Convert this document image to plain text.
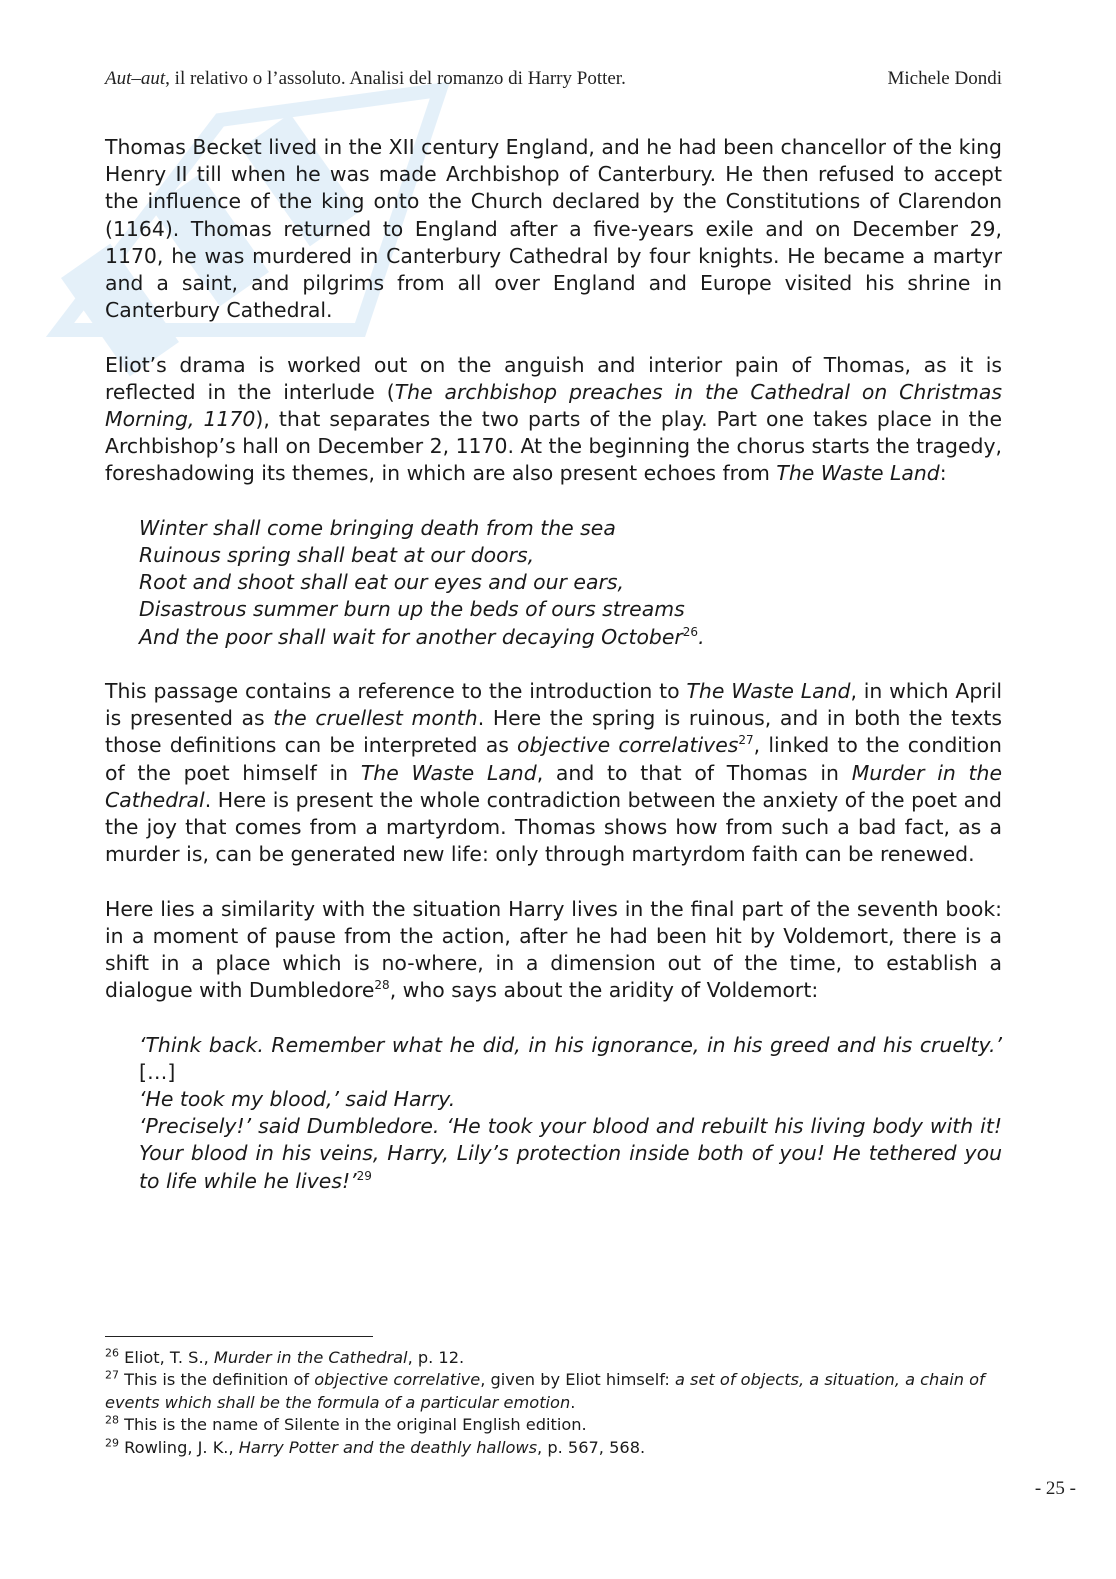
Aut–aut, il relativo o l’assoluto. Analisi del romanzo di Harry Potter.	Michele Dondi

Thomas Becket lived in the XII century England, and he had been chancellor of the king Henry II till when he was made Archbishop of Canterbury. He then refused to accept the influence of the king onto the Church declared by the Constitutions of Clarendon (1164). Thomas returned to England after a five-years exile and on December 29, 1170, he was murdered in Canterbury Cathedral by four knights. He became a martyr and a saint, and pilgrims from all over England and Europe visited his shrine in Canterbury Cathedral.

Eliot’s drama is worked out on the anguish and interior pain of Thomas, as it is reflected in the interlude (The archbishop preaches in the Cathedral on Christmas Morning, 1170), that separates the two parts of the play. Part one takes place in the Archbishop’s hall on December 2, 1170. At the beginning the chorus starts the tragedy, foreshadowing its themes, in which are also present echoes from The Waste Land:

Winter shall come bringing death from the sea
Ruinous spring shall beat at our doors,
Root and shoot shall eat our eyes and our ears,
Disastrous summer burn up the beds of ours streams
And the poor shall wait for another decaying October$^{26}$.

This passage contains a reference to the introduction to The Waste Land, in which April is presented as the cruellest month. Here the spring is ruinous, and in both the texts those definitions can be interpreted as objective correlatives$^{27}$, linked to the condition of the poet himself in The Waste Land, and to that of Thomas in Murder in the Cathedral. Here is present the whole contradiction between the anxiety of the poet and the joy that comes from a martyrdom. Thomas shows how from such a bad fact, as a murder is, can be generated new life: only through martyrdom faith can be renewed.

Here lies a similarity with the situation Harry lives in the final part of the seventh book: in a moment of pause from the action, after he had been hit by Voldemort, there is a shift in a place which is no-where, in a dimension out of the time, to establish a dialogue with Dumbledore$^{28}$, who says about the aridity of Voldemort:

‘Think back. Remember what he did, in his ignorance, in his greed and his cruelty.’ […]
‘He took my blood,’ said Harry.
‘Precisely!’ said Dumbledore. ‘He took your blood and rebuilt his living body with it! Your blood in his veins, Harry, Lily’s protection inside both of you! He tethered you to life while he lives!’$^{29}$
$^{26}$ Eliot, T. S., Murder in the Cathedral, p. 12.
$^{27}$ This is the definition of objective correlative, given by Eliot himself: a set of objects, a situation, a chain of events which shall be the formula of a particular emotion.
$^{28}$ This is the name of Silente in the original English edition.
$^{29}$ Rowling, J. K., Harry Potter and the deathly hallows, p. 567, 568.
- 25 -
